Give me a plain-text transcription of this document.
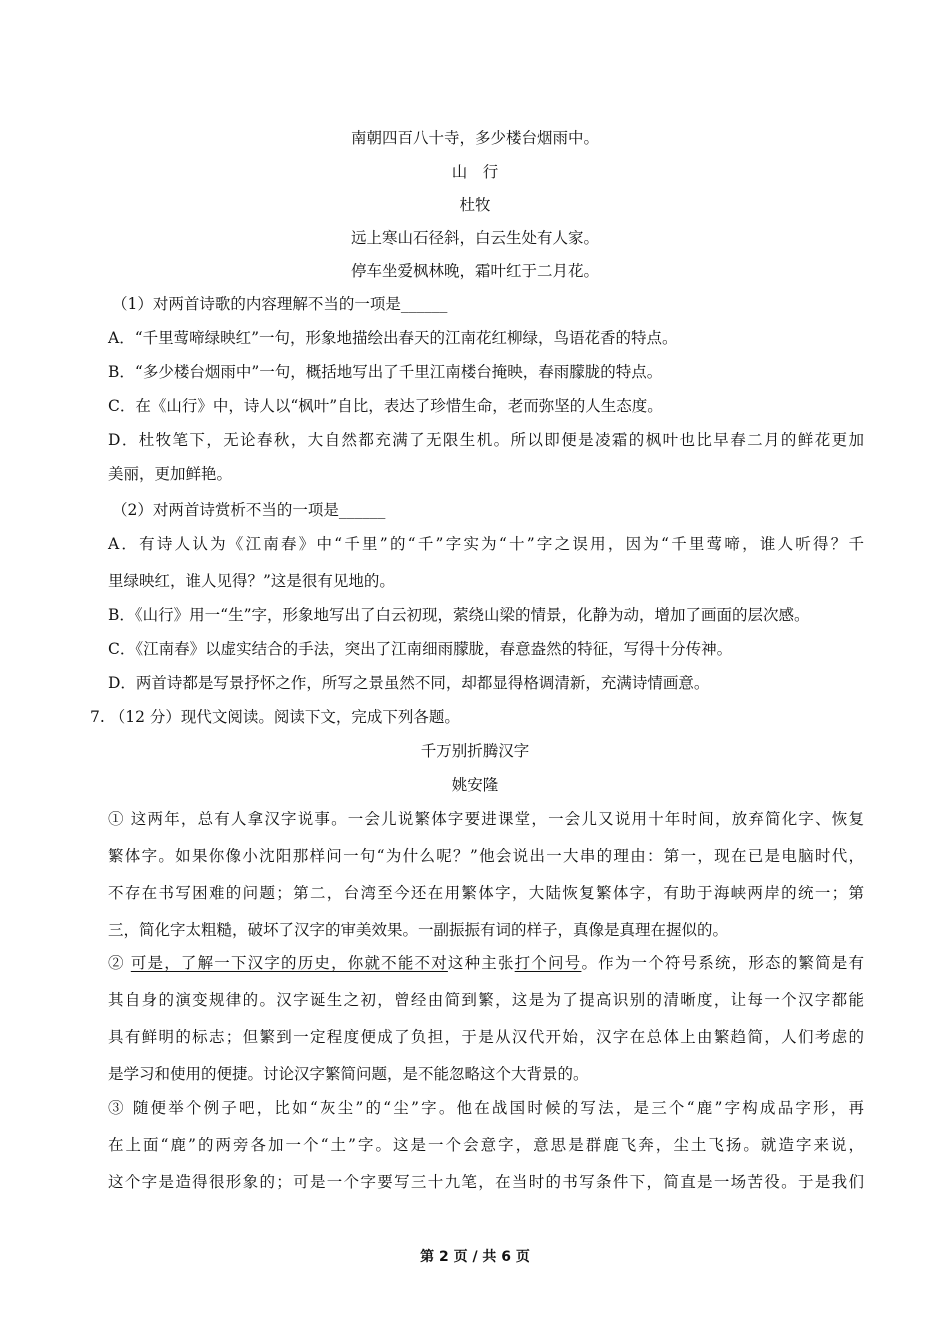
南朝四百八十寺，多少楼台烟雨中。
山　行
杜牧
远上寒山石径斜，白云生处有人家。
停车坐爱枫林晚，霜叶红于二月花。
（1）对两首诗歌的内容理解不当的一项是______
A．“千里莺啼绿映红”一句，形象地描绘出春天的江南花红柳绿，鸟语花香的特点。
B．“多少楼台烟雨中”一句，概括地写出了千里江南楼台掩映，春雨朦胧的特点。
C．在《山行》中，诗人以“枫叶”自比，表达了珍惜生命，老而弥坚的人生态度。
D．杜牧笔下，无论春秋，大自然都充满了无限生机。所以即便是凌霜的枫叶也比早春二月的鲜花更加
美丽，更加鲜艳。
（2）对两首诗赏析不当的一项是______
A．有诗人认为《江南春》中“千里”的“千”字实为“十”字之误用，因为“千里莺啼，谁人听得？千
里绿映红，谁人见得？”这是很有见地的。
B．《山行》用一“生”字，形象地写出了白云初现，萦绕山梁的情景，化静为动，增加了画面的层次感。
C．《江南春》以虚实结合的手法，突出了江南细雨朦胧，春意盎然的特征，写得十分传神。
D．两首诗都是写景抒怀之作，所写之景虽然不同，却都显得格调清新，充满诗情画意。
7. （12 分）现代文阅读。阅读下文，完成下列各题。
千万别折腾汉字
姚安隆
① 这两年，总有人拿汉字说事。一会儿说繁体字要进课堂，一会儿又说用十年时间，放弃简化字、恢复
繁体字。如果你像小沈阳那样问一句“为什么呢？”他会说出一大串的理由：第一，现在已是电脑时代，
不存在书写困难的问题；第二，台湾至今还在用繁体字，大陆恢复繁体字，有助于海峡两岸的统一；第
三，简化字太粗糙，破坏了汉字的审美效果。一副振振有词的样子，真像是真理在握似的。
② 可是，了解一下汉字的历史，你就不能不对这种主张打个问号。作为一个符号系统，形态的繁简是有
其自身的演变规律的。汉字诞生之初，曾经由简到繁，这是为了提高识别的清晰度，让每一个汉字都能
具有鲜明的标志；但繁到一定程度便成了负担，于是从汉代开始，汉字在总体上由繁趋简，人们考虑的
是学习和使用的便捷。讨论汉字繁简问题，是不能忽略这个大背景的。
③ 随便举个例子吧，比如“灰尘”的“尘”字。他在战国时候的写法，是三个“鹿”字构成品字形，再
在上面“鹿”的两旁各加一个“土”字。这是一个会意字，意思是群鹿飞奔，尘土飞扬。就造字来说，
这个字是造得很形象的；可是一个字要写三十九笔，在当时的书写条件下，简直是一场苦役。于是我们
第 2 页 / 共 6 页
